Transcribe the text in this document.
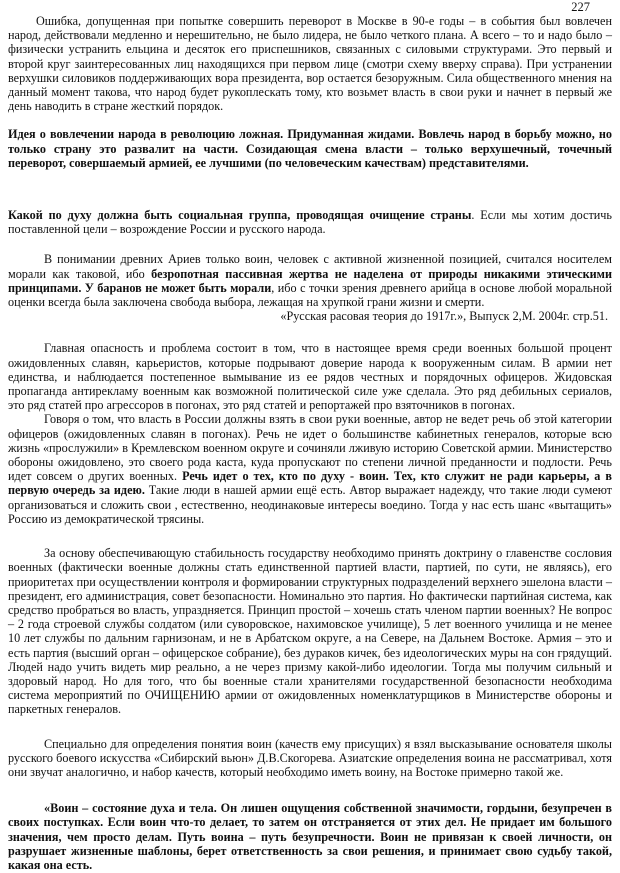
227

Ошибка, допущенная при попытке совершить переворот в Москве в 90-е годы – в события был вовлечен народ, действовали медленно и нерешительно, не было лидера, не было четкого плана. А всего – то и надо было – физически устранить ельцина и десяток его приспешников, связанных с силовыми структурами. Это первый и второй круг заинтересованных лиц находящихся при первом лице (смотри схему вверху справа). При устранении верхушки силовиков поддерживающих вора президента, вор остается безоружным. Сила общественного мнения на данный момент такова, что народ будет рукоплескать тому, кто возьмет власть в свои руки и начнет в первый же день наводить в стране жесткий порядок.

Идея о вовлечении народа в революцию ложная. Придуманная жидами. Вовлечь народ в борьбу можно, но только страну это развалит на части. Созидающая смена власти – только верхушечный, точечный переворот, совершаемый армией, ее лучшими (по человеческим качествам) представителями.

Какой по духу должна быть социальная группа, проводящая очищение страны. Если мы хотим достичь поставленной цели – возрождение России и русского народа.

В понимании древних Ариев только воин, человек с активной жизненной позицией, считался носителем морали как таковой, ибо безропотная пассивная жертва не наделена от природы никакими этическими принципами. У баранов не может быть морали, ибо с точки зрения древнего арийца в основе любой моральной оценки всегда была заключена свобода выбора, лежащая на хрупкой грани жизни и смерти.

«Русская расовая теория до 1917г.», Выпуск 2,М. 2004г. стр.51.

Главная опасность и проблема состоит в том, что в настоящее время среди военных большой процент ожидовленных славян, карьеристов, которые подрывают доверие народа к вооруженным силам. В армии нет единства, и наблюдается постепенное вымывание из ее рядов честных и порядочных офицеров. Жидовская пропаганда антирекламу военным как возможной политической силе уже сделала. Это ряд дебильных сериалов, это ряд статей про агрессоров в погонах, это ряд статей и репортажей про взяточников в погонах.

Говоря о том, что власть в России должны взять в свои руки военные, автор не ведет речь об этой категории офицеров (ожидовленных славян в погонах). Речь не идет о большинстве кабинетных генералов, которые всю жизнь «прослужили» в Кремлевском военном округе и сочиняли лживую историю Советской армии. Министерство обороны ожидовлено, это своего рода каста, куда пропускают по степени личной преданности и подлости. Речь идет совсем о других военных. Речь идет о тех, кто по духу - воин. Тех, кто служит не ради карьеры, а в первую очередь за идею. Такие люди в нашей армии ещё есть. Автор выражает надежду, что такие люди сумеют организоваться и сложить свои , естественно, неодинаковые интересы воедино. Тогда у нас есть шанс «вытащить» Россию из демократической трясины.

За основу обеспечивающую стабильность государству необходимо принять доктрину о главенстве сословия военных (фактически военные должны стать единственной партией власти, партией, по сути, не являясь), его приоритетах при осуществлении контроля и формировании структурных подразделений верхнего эшелона власти – президент, его администрация, совет безопасности. Номинально это партия. Но фактически партийная система, как средство пробраться во власть, упраздняется. Принцип простой – хочешь стать членом партии военных? Не вопрос – 2 года строевой службы солдатом (или суворовское, нахимовское училище), 5 лет военного училища и не менее 10 лет службы по дальним гарнизонам, и не в Арбатском округе, а на Севере, на Дальнем Востоке. Армия – это и есть партия (высший орган – офицерское собрание), без дураков кичек, без идеологических муры на сон грядущий. Людей надо учить видеть мир реально, а не через призму какой-либо идеологии. Тогда мы получим сильный и здоровый народ. Но для того, что бы военные стали хранителями государственной безопасности необходима система мероприятий по ОЧИЩЕНИЮ армии от ожидовленных номенклатурщиков в Министерстве обороны и паркетных генералов.

Специально для определения понятия воин (качеств ему присущих) я взял высказывание основателя школы русского боевого искусства «Сибирский вьюн» Д.В.Скогорева. Азиатские определения воина не рассматривал, хотя они звучат аналогично, и набор качеств, который необходимо иметь воину, на Востоке примерно такой же.

«Воин – состояние духа и тела. Он лишен ощущения собственной значимости, гордыни, безупречен в своих поступках. Если воин что-то делает, то затем он отстраняется от этих дел. Не придает им большого значения, чем просто делам. Путь воина – путь безупречности. Воин не привязан к своей личности, он разрушает жизненные шаблоны, берет ответственность за свои решения, и принимает свою судьбу такой, какая она есть.
